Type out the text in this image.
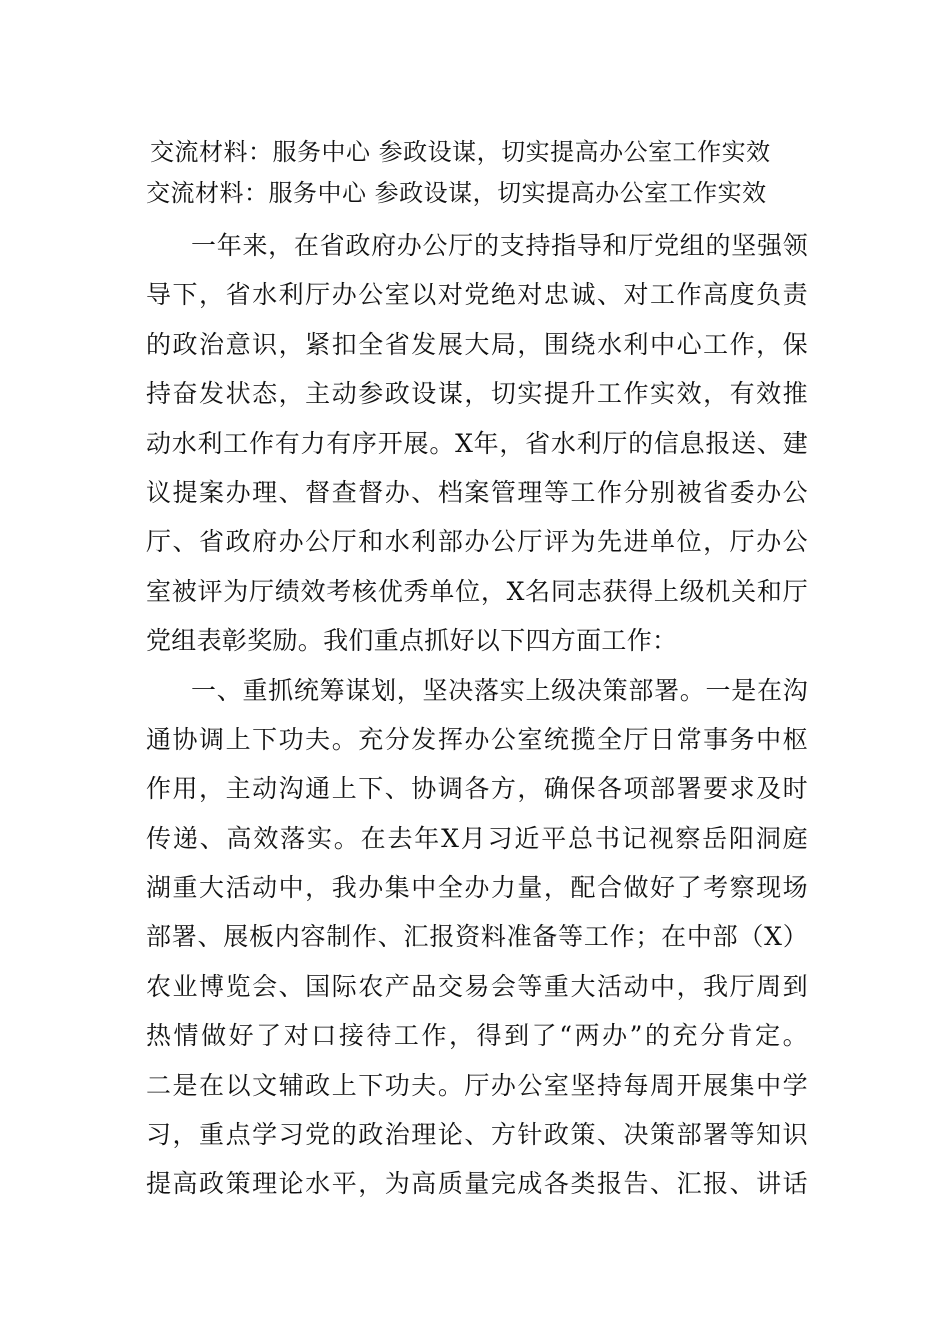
交流材料：服务中心 参政设谋，切实提高办公室工作实效
交流材料：服务中心 参政设谋，切实提高办公室工作实效
一年来，在省政府办公厅的支持指导和厅党组的坚强领
导下，省水利厅办公室以对党绝对忠诚、对工作高度负责
的政治意识，紧扣全省发展大局，围绕水利中心工作，保
持奋发状态，主动参政设谋，切实提升工作实效，有效推
动水利工作有力有序开展。X年，省水利厅的信息报送、建
议提案办理、督查督办、档案管理等工作分别被省委办公
厅、省政府办公厅和水利部办公厅评为先进单位，厅办公
室被评为厅绩效考核优秀单位，X名同志获得上级机关和厅
党组表彰奖励。我们重点抓好以下四方面工作：
一、重抓统筹谋划，坚决落实上级决策部署。一是在沟
通协调上下功夫。充分发挥办公室统揽全厅日常事务中枢
作用，主动沟通上下、协调各方，确保各项部署要求及时
传递、高效落实。在去年X月习近平总书记视察岳阳洞庭
湖重大活动中，我办集中全办力量，配合做好了考察现场
部署、展板内容制作、汇报资料准备等工作；在中部（X）
农业博览会、国际农产品交易会等重大活动中，我厅周到
热情做好了对口接待工作，得到了“两办”的充分肯定。
二是在以文辅政上下功夫。厅办公室坚持每周开展集中学
习，重点学习党的政治理论、方针政策、决策部署等知识
提高政策理论水平，为高质量完成各类报告、汇报、讲话
